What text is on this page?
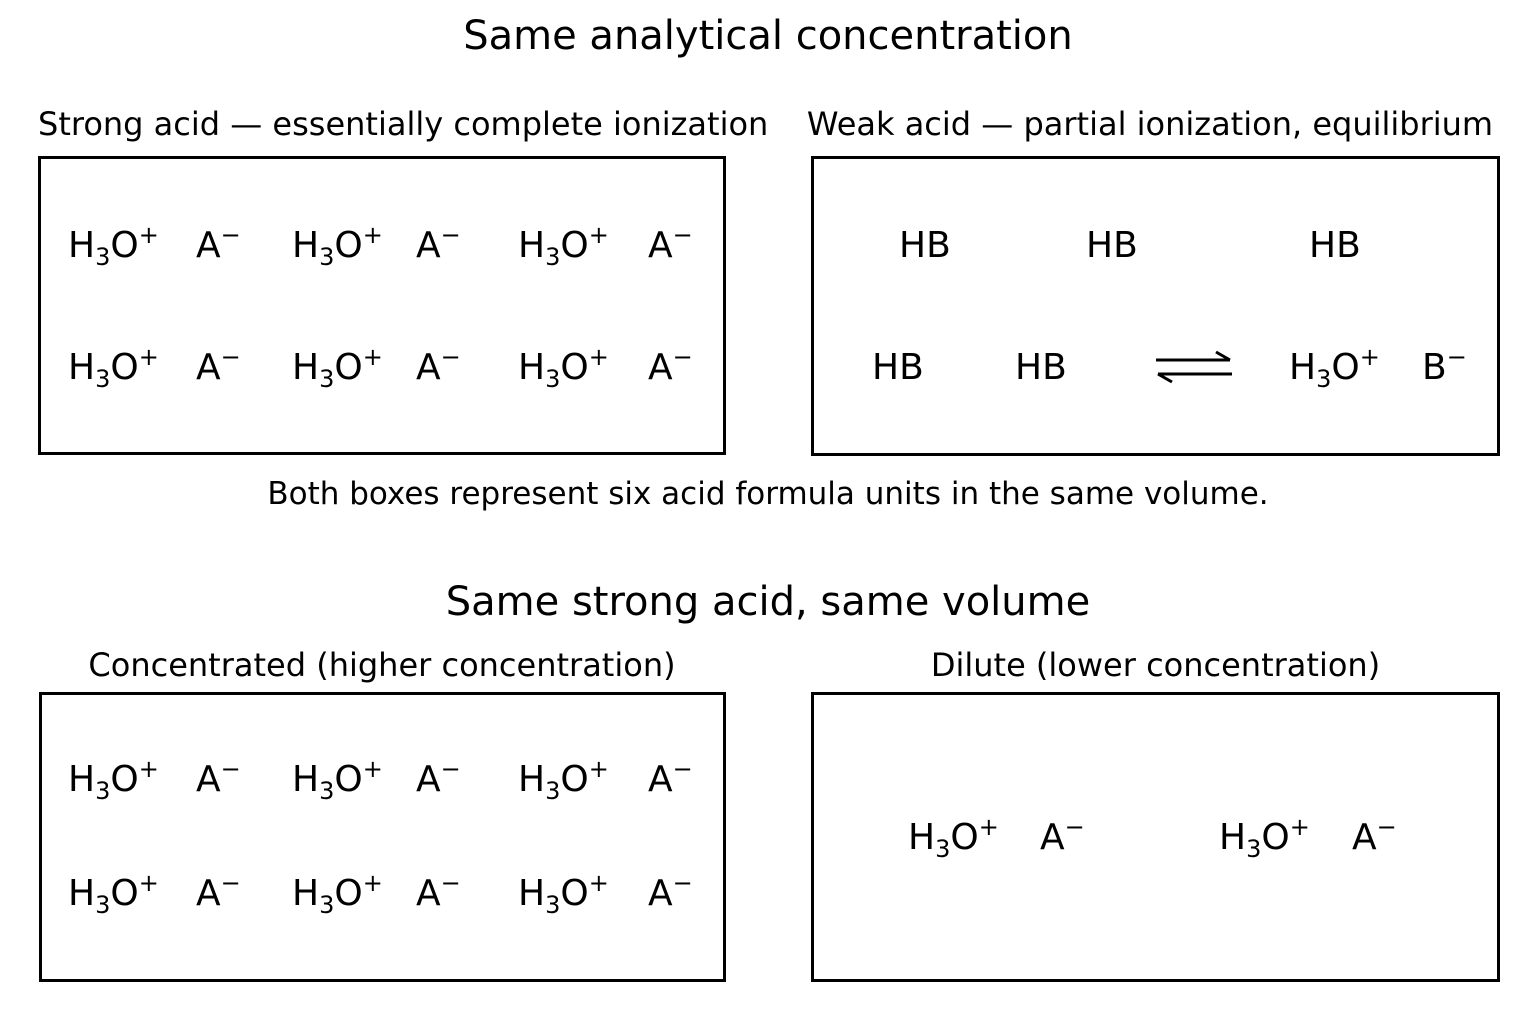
Same analytical concentration
Strong acid — essentially complete ionization Weak acid — partial ionization, equilibrium
$H_3O^+$ A− $H_3O^+$ A− $H_3O^+$ A−
$H_3O^+$ A− $H_3O^+$ A− $H_3O^+$ A−
HB	HB	HB
HB	HB	$H_3O^+$ B−
Both boxes represent six acid formula units in the same volume.
Same strong acid, same volume
Concentrated (higher concentration)	Dilute (lower concentration)
$H_3O^+$ A− $H_3O^+$ A− $H_3O^+$ A−
$H_3O^+$ A− $H_3O^+$ A− $H_3O^+$ A−
$H_3O^+$ A−	$H_3O^+$ A−
